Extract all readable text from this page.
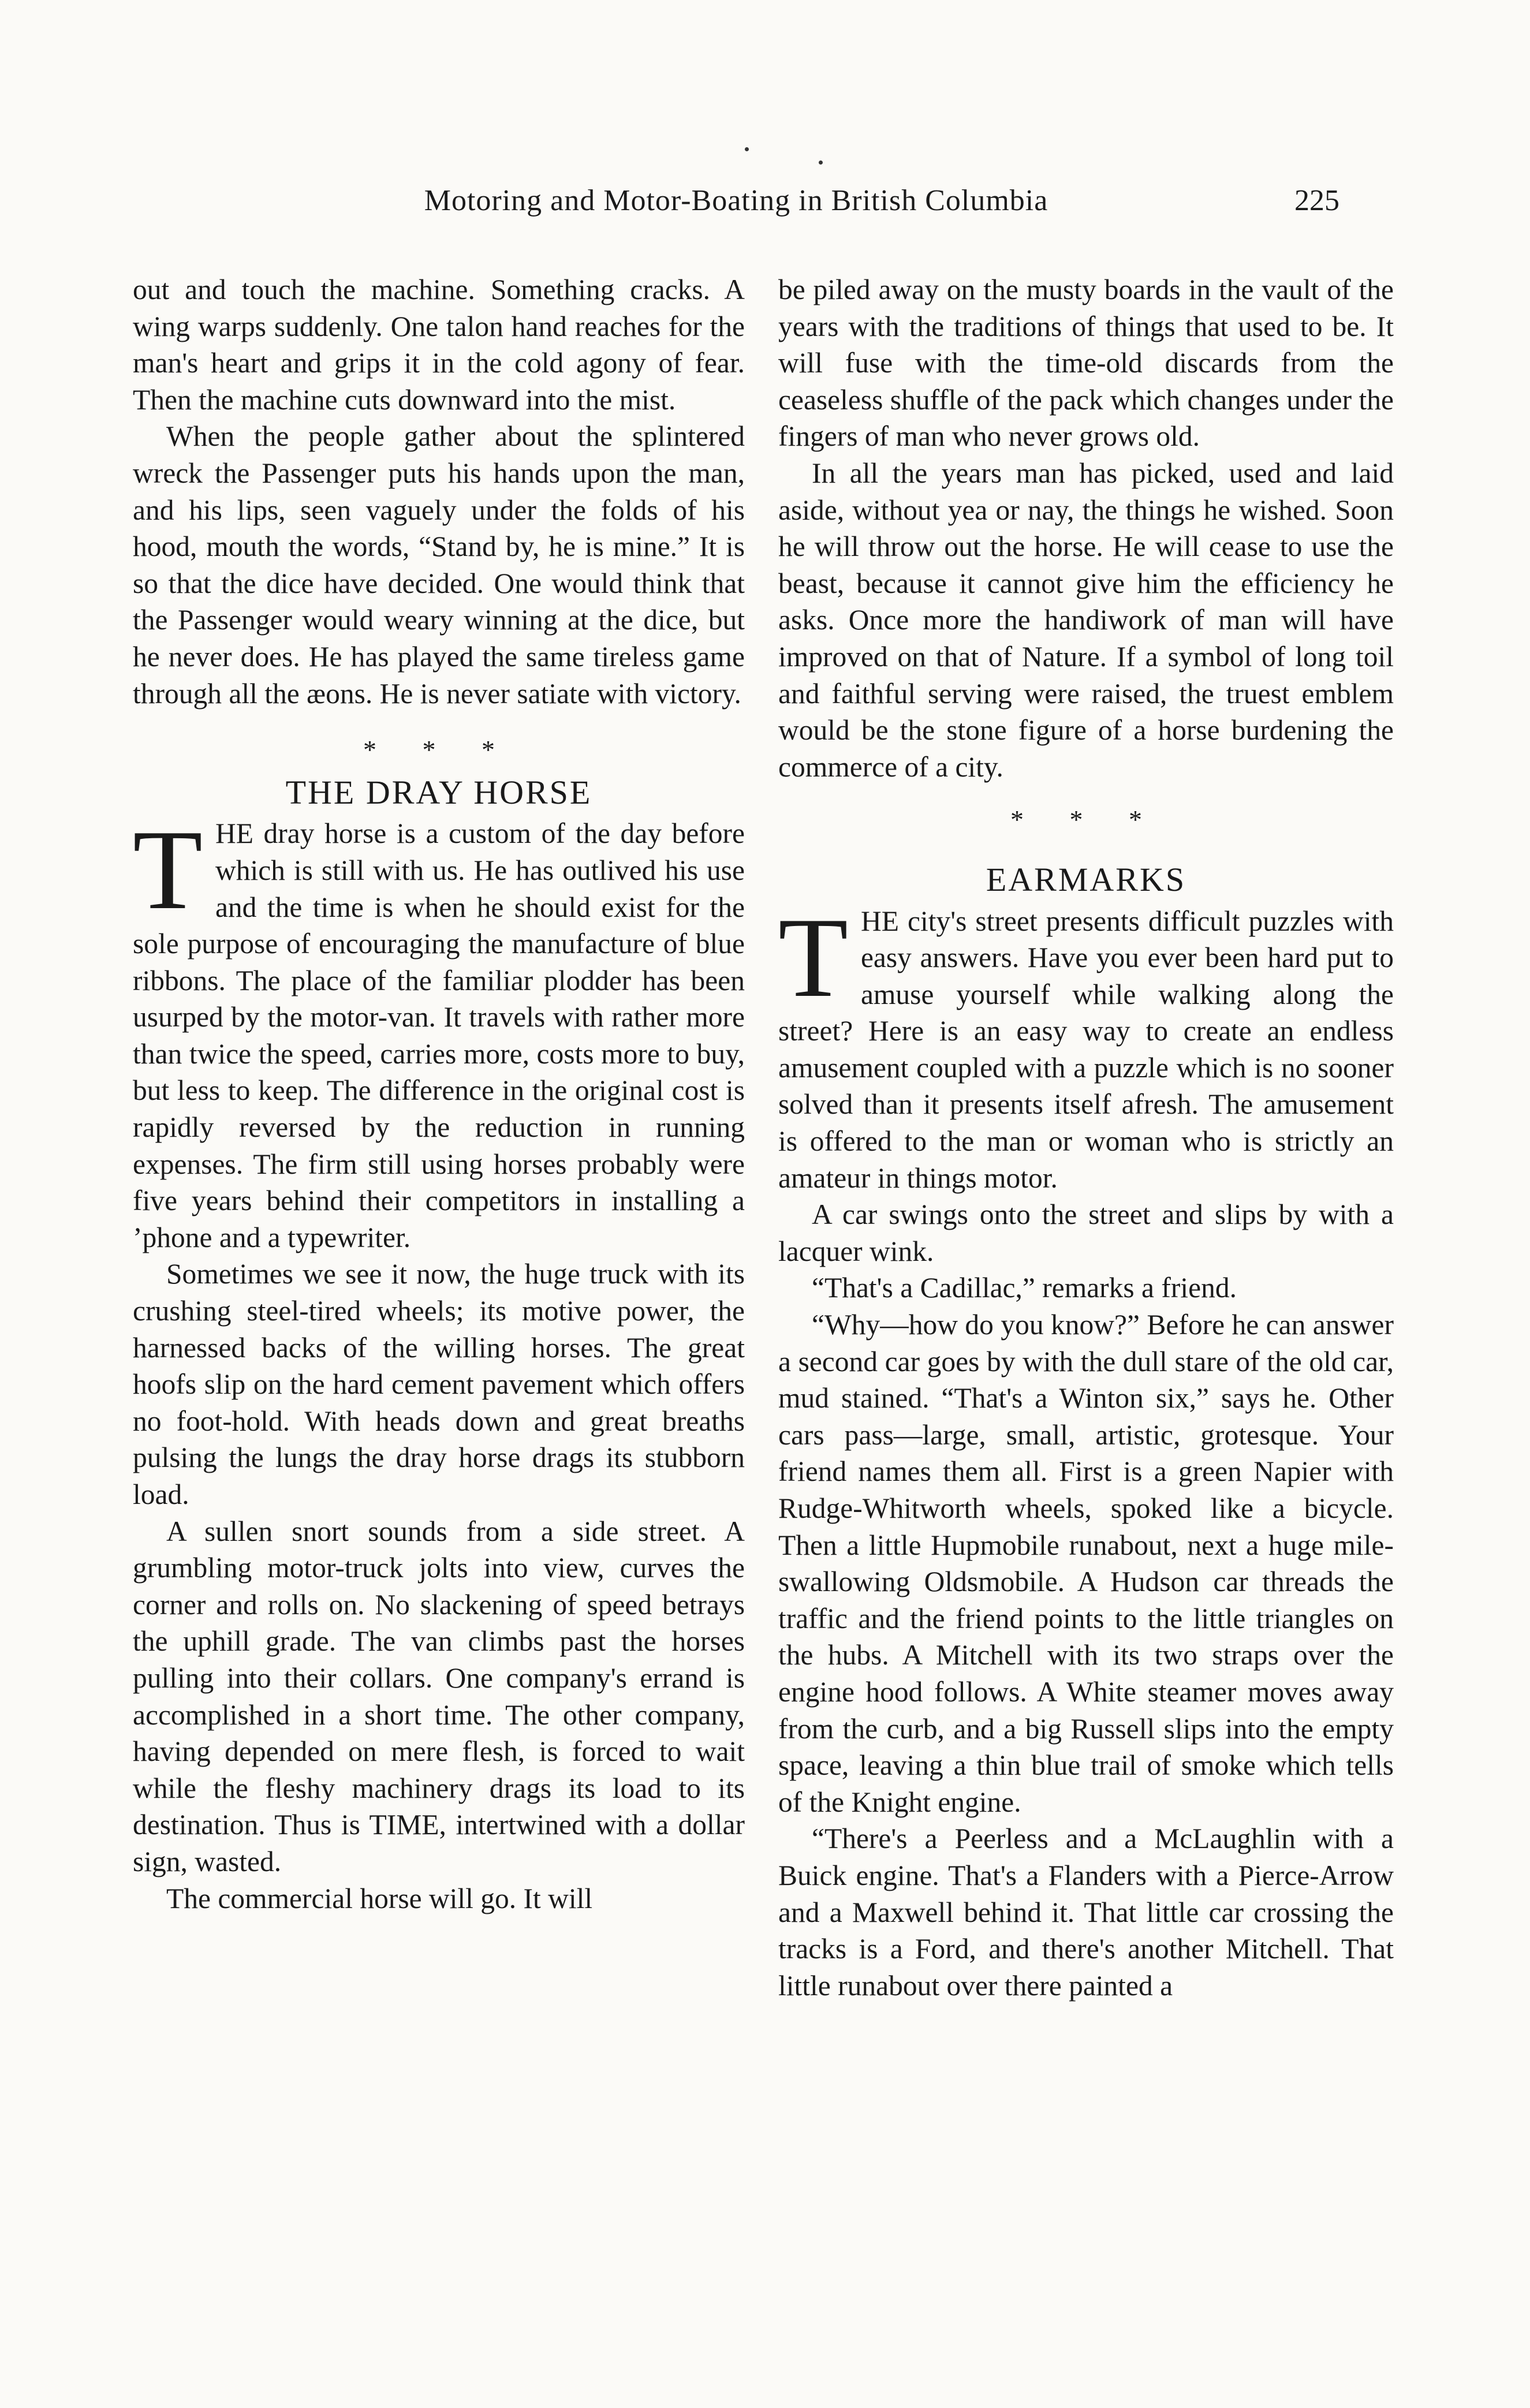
Motoring and Motor-Boating in British Columbia	225

out and touch the machine. Something cracks. A wing warps suddenly. One talon hand reaches for the man's heart and grips it in the cold agony of fear. Then the machine cuts downward into the mist.

When the people gather about the splintered wreck the Passenger puts his hands upon the man, and his lips, seen vaguely under the folds of his hood, mouth the words, “Stand by, he is mine.” It is so that the dice have decided. One would think that the Passenger would weary winning at the dice, but he never does. He has played the same tireless game through all the æons. He is never satiate with victory.

* * *
THE DRAY HORSE

THE dray horse is a custom of the day before which is still with us. He has outlived his use and the time is when he should exist for the sole purpose of encouraging the manufacture of blue ribbons. The place of the familiar plodder has been usurped by the motor-van. It travels with rather more than twice the speed, carries more, costs more to buy, but less to keep. The difference in the original cost is rapidly reversed by the reduction in running expenses. The firm still using horses probably were five years behind their competitors in installing a ’phone and a typewriter.

Sometimes we see it now, the huge truck with its crushing steel-tired wheels; its motive power, the harnessed backs of the willing horses. The great hoofs slip on the hard cement pavement which offers no foot-hold. With heads down and great breaths pulsing the lungs the dray horse drags its stubborn load.

A sullen snort sounds from a side street. A grumbling motor-truck jolts into view, curves the corner and rolls on. No slackening of speed betrays the uphill grade. The van climbs past the horses pulling into their collars. One company's errand is accomplished in a short time. The other company, having depended on mere flesh, is forced to wait while the fleshy machinery drags its load to its destination. Thus is TIME, intertwined with a dollar sign, wasted.

The commercial horse will go. It will

be piled away on the musty boards in the vault of the years with the traditions of things that used to be. It will fuse with the time-old discards from the ceaseless shuffle of the pack which changes under the fingers of man who never grows old.

In all the years man has picked, used and laid aside, without yea or nay, the things he wished. Soon he will throw out the horse. He will cease to use the beast, because it cannot give him the efficiency he asks. Once more the handiwork of man will have improved on that of Nature. If a symbol of long toil and faithful serving were raised, the truest emblem would be the stone figure of a horse burdening the commerce of a city.

* * *
EARMARKS

THE city's street presents difficult puzzles with easy answers. Have you ever been hard put to amuse yourself while walking along the street? Here is an easy way to create an endless amusement coupled with a puzzle which is no sooner solved than it presents itself afresh. The amusement is offered to the man or woman who is strictly an amateur in things motor.

A car swings onto the street and slips by with a lacquer wink.

“That's a Cadillac,” remarks a friend.

“Why—how do you know?” Before he can answer a second car goes by with the dull stare of the old car, mud stained. “That's a Winton six,” says he. Other cars pass—large, small, artistic, grotesque. Your friend names them all. First is a green Napier with Rudge-Whitworth wheels, spoked like a bicycle. Then a little Hupmobile runabout, next a huge mile-swallowing Oldsmobile. A Hudson car threads the traffic and the friend points to the little triangles on the hubs. A Mitchell with its two straps over the engine hood follows. A White steamer moves away from the curb, and a big Russell slips into the empty space, leaving a thin blue trail of smoke which tells of the Knight engine.

“There's a Peerless and a McLaughlin with a Buick engine. That's a Flanders with a Pierce-Arrow and a Maxwell behind it. That little car crossing the tracks is a Ford, and there's another Mitchell. That little runabout over there painted a
